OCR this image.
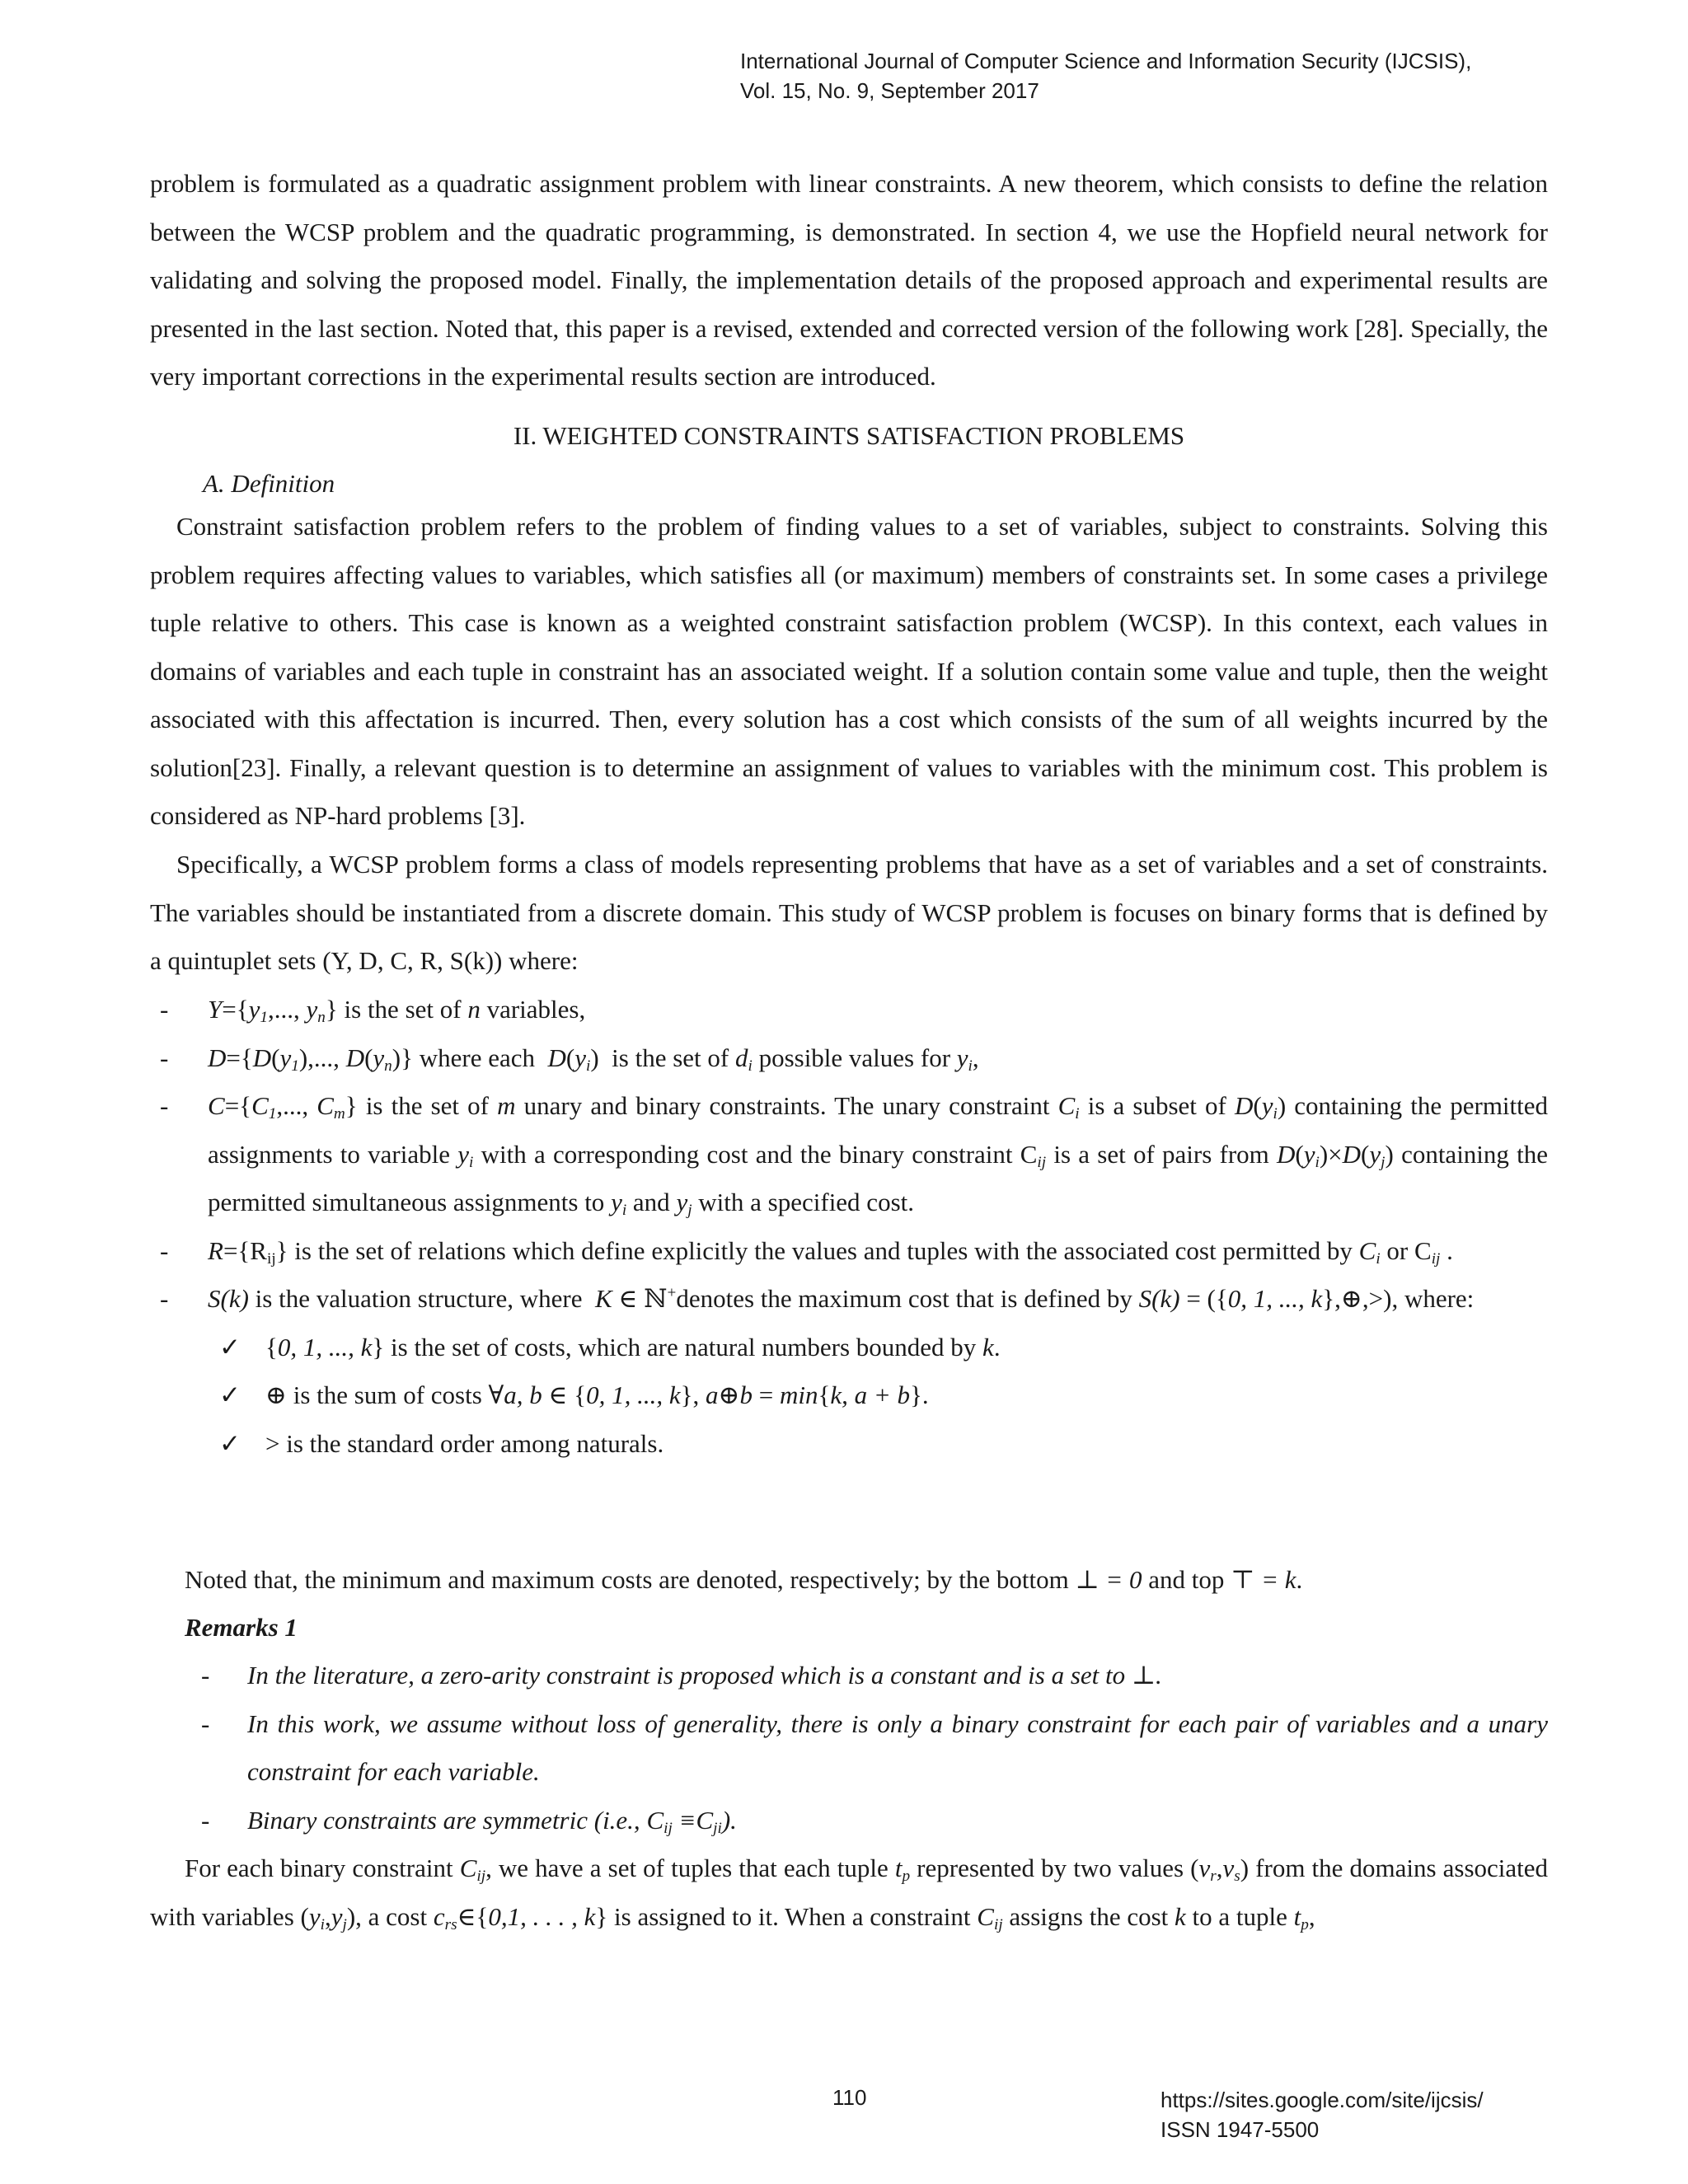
International Journal of Computer Science and Information Security (IJCSIS),
Vol. 15, No. 9, September 2017
problem is formulated as a quadratic assignment problem with linear constraints. A new theorem, which consists to define the relation between the WCSP problem and the quadratic programming, is demonstrated. In section 4, we use the Hopfield neural network for validating and solving the proposed model. Finally, the implementation details of the proposed approach and experimental results are presented in the last section. Noted that, this paper is a revised, extended and corrected version of the following work [28]. Specially, the very important corrections in the experimental results section are introduced.
II. WEIGHTED CONSTRAINTS SATISFACTION PROBLEMS
A. Definition
Constraint satisfaction problem refers to the problem of finding values to a set of variables, subject to constraints. Solving this problem requires affecting values to variables, which satisfies all (or maximum) members of constraints set. In some cases a privilege tuple relative to others. This case is known as a weighted constraint satisfaction problem (WCSP). In this context, each values in domains of variables and each tuple in constraint has an associated weight. If a solution contain some value and tuple, then the weight associated with this affectation is incurred. Then, every solution has a cost which consists of the sum of all weights incurred by the solution[23]. Finally, a relevant question is to determine an assignment of values to variables with the minimum cost. This problem is considered as NP-hard problems [3].
Specifically, a WCSP problem forms a class of models representing problems that have as a set of variables and a set of constraints. The variables should be instantiated from a discrete domain. This study of WCSP problem is focuses on binary forms that is defined by a quintuplet sets (Y, D, C, R, S(k)) where:
- $Y=\{y_1$,..., $y_n$} is the set of n variables,
- $D=\{D(y_1)$,..., $D(y_n)$} where each $D(y_i)$  is the set of $d_i$ possible values for $y_i$,
- $C=\{C_1$,..., $C_m$} is the set of m unary and binary constraints. The unary constraint $C_i$ is a subset of $D(y_i)$ containing the permitted assignments to variable $y_i$ with a corresponding cost and the binary constraint $C_{ij}$ is a set of pairs from $D(y_i)\times D(y_j)$ containing the permitted simultaneous assignments to $y_i$ and $y_j$ with a specified cost.
- $R=\{R_{ij}\}$ is the set of relations which define explicitly the values and tuples with the associated cost permitted by $C_i$ or $C_{ij}$ .
- S(k) is the valuation structure, where K ∈ ℕ+denotes the maximum cost that is defined by S(k) = ({0, 1, ..., k},⊕,>), where:
✓ {0, 1, ..., k} is the set of costs, which are natural numbers bounded by k.
✓ ⊕ is the sum of costs ∀a, b ∈ {0, 1, ..., k}, a⊕b = min{k, a + b}.
✓ > is the standard order among naturals.
Noted that, the minimum and maximum costs are denoted, respectively; by the bottom ⊥ = 0 and top ⊤ = k.
Remarks 1
- In the literature, a zero-arity constraint is proposed which is a constant and is a set to ⊥.
- In this work, we assume without loss of generality, there is only a binary constraint for each pair of variables and a unary constraint for each variable.
- Binary constraints are symmetric (i.e., $C_{ij} \equiv C_{ji}$).
For each binary constraint $C_{ij}$, we have a set of tuples that each tuple $t_p$ represented by two values $(v_r,v_s)$ from the domains associated with variables $(y_i,y_j)$, a cost $c_{rs}\in\{0,1$, . . . , k} is assigned to it. When a constraint $C_{ij}$ assigns the cost k to a tuple $t_p$,
110	https://sites.google.com/site/ijcsis/
ISSN 1947-5500
